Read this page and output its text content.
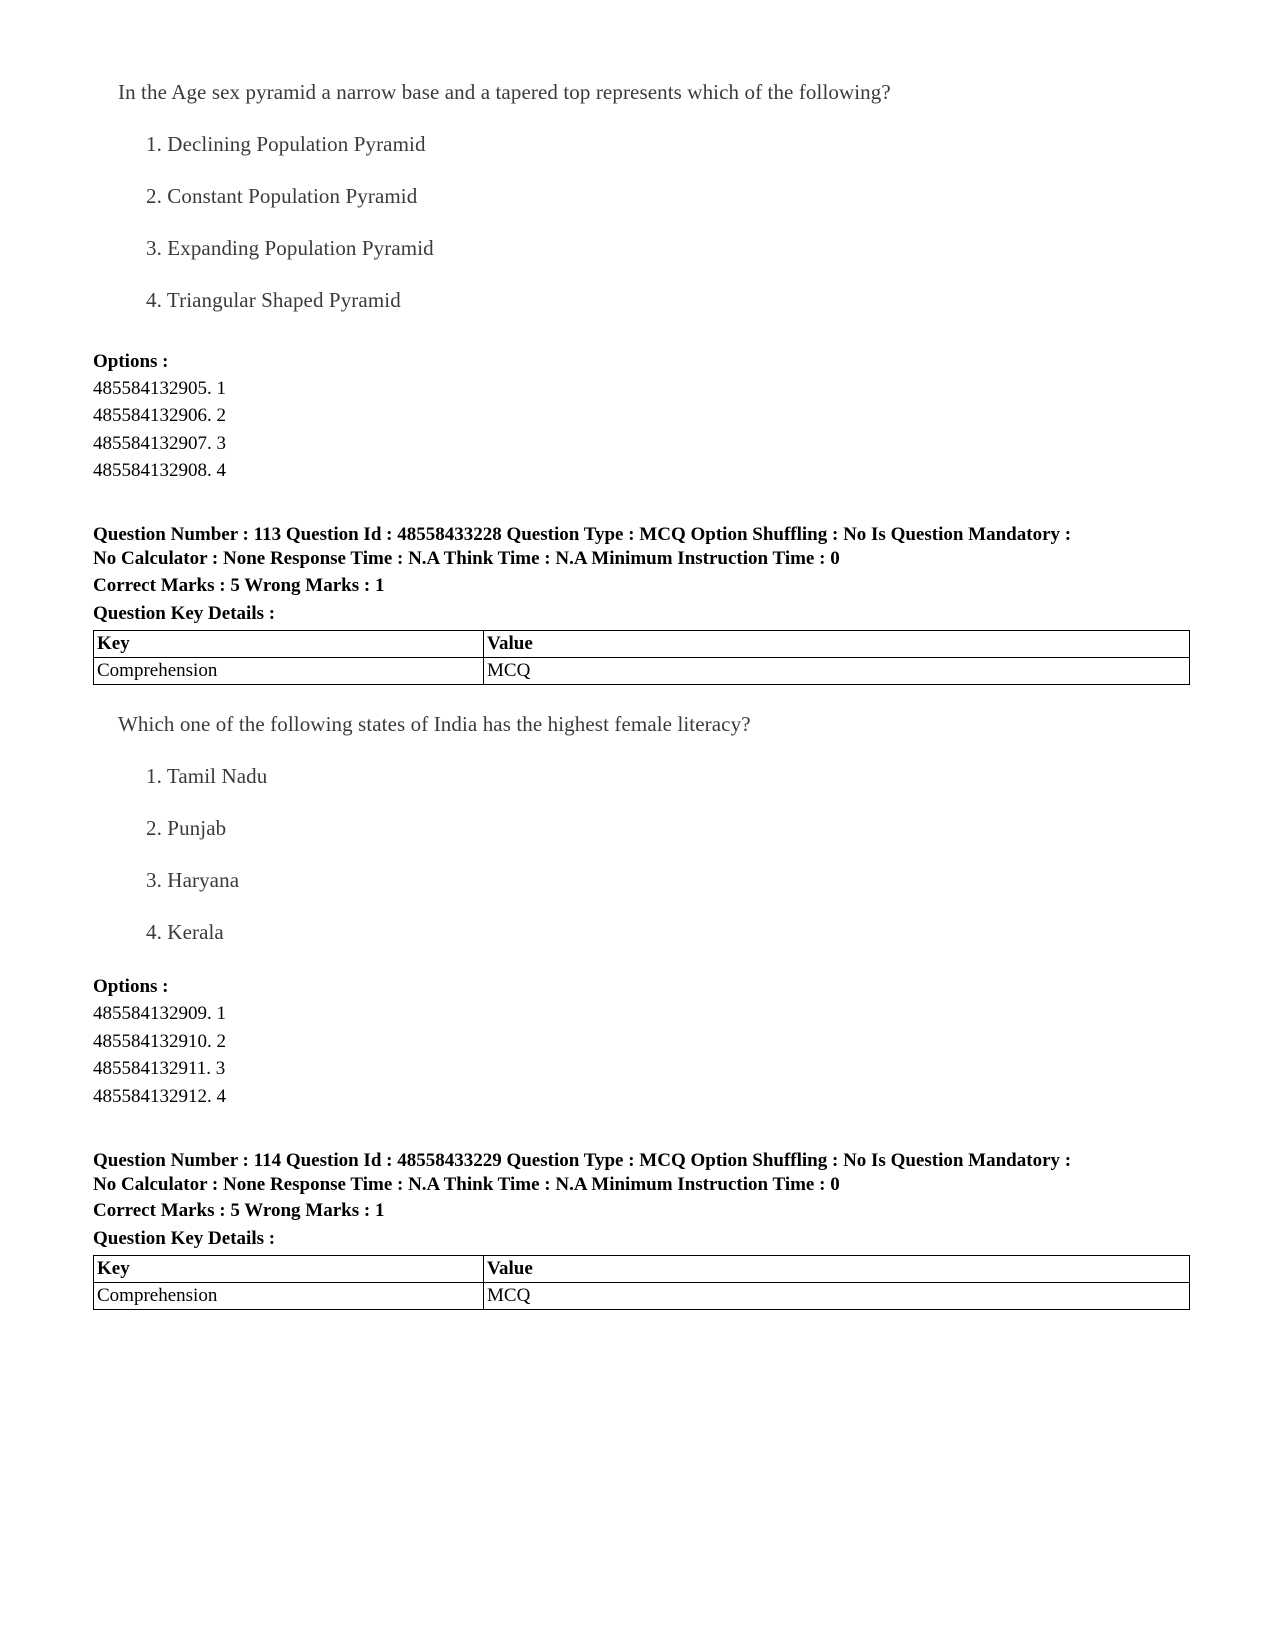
In the Age sex pyramid a narrow base and a tapered top represents which of the following?
1. Declining Population Pyramid
2. Constant Population Pyramid
3. Expanding Population Pyramid
4. Triangular Shaped Pyramid
Options :
485584132905. 1
485584132906. 2
485584132907. 3
485584132908. 4
Question Number : 113 Question Id : 48558433228 Question Type : MCQ Option Shuffling : No Is Question Mandatory :
No Calculator : None Response Time : N.A Think Time : N.A Minimum Instruction Time : 0
Correct Marks : 5 Wrong Marks : 1
Question Key Details :
Key	Value
Comprehension	MCQ
Which one of the following states of India has the highest female literacy?
1. Tamil Nadu
2. Punjab
3. Haryana
4. Kerala
Options :
485584132909. 1
485584132910. 2
485584132911. 3
485584132912. 4
Question Number : 114 Question Id : 48558433229 Question Type : MCQ Option Shuffling : No Is Question Mandatory :
No Calculator : None Response Time : N.A Think Time : N.A Minimum Instruction Time : 0
Correct Marks : 5 Wrong Marks : 1
Question Key Details :
Key	Value
Comprehension	MCQ
